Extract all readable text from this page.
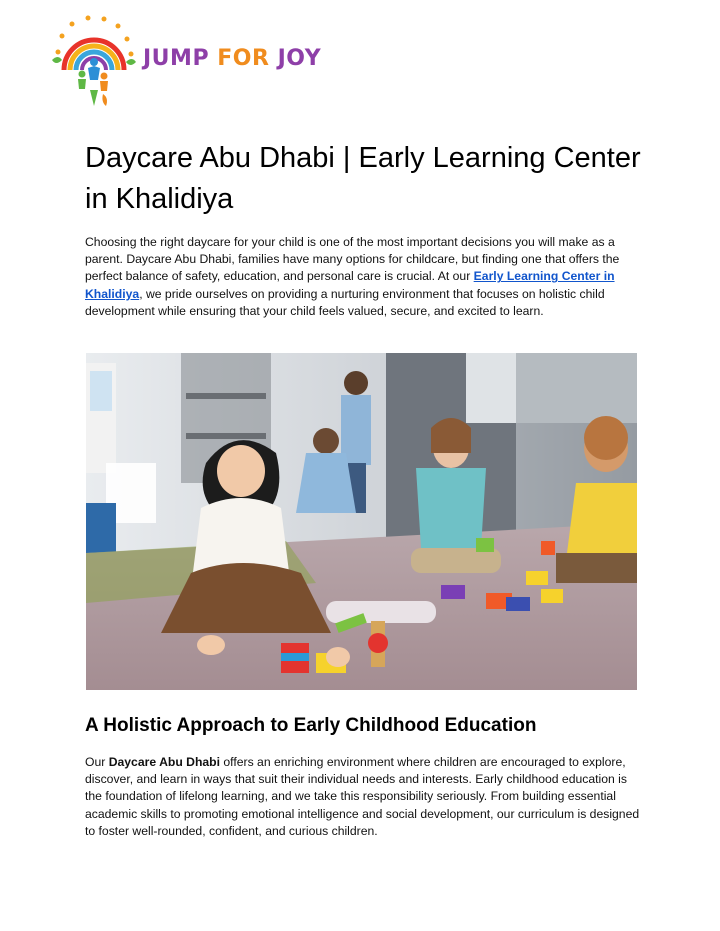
JUMP FOR JOY
Daycare Abu Dhabi | Early Learning Center in Khalidiya

Choosing the right daycare for your child is one of the most important decisions you will make as a parent. Daycare Abu Dhabi, families have many options for childcare, but finding one that offers the perfect balance of safety, education, and personal care is crucial. At our Early Learning Center in Khalidiya, we pride ourselves on providing a nurturing environment that focuses on holistic child development while ensuring that your child feels valued, secure, and excited to learn.

A Holistic Approach to Early Childhood Education

Our Daycare Abu Dhabi offers an enriching environment where children are encouraged to explore, discover, and learn in ways that suit their individual needs and interests. Early childhood education is the foundation of lifelong learning, and we take this responsibility seriously. From building essential academic skills to promoting emotional intelligence and social development, our curriculum is designed to foster well-rounded, confident, and curious children.
